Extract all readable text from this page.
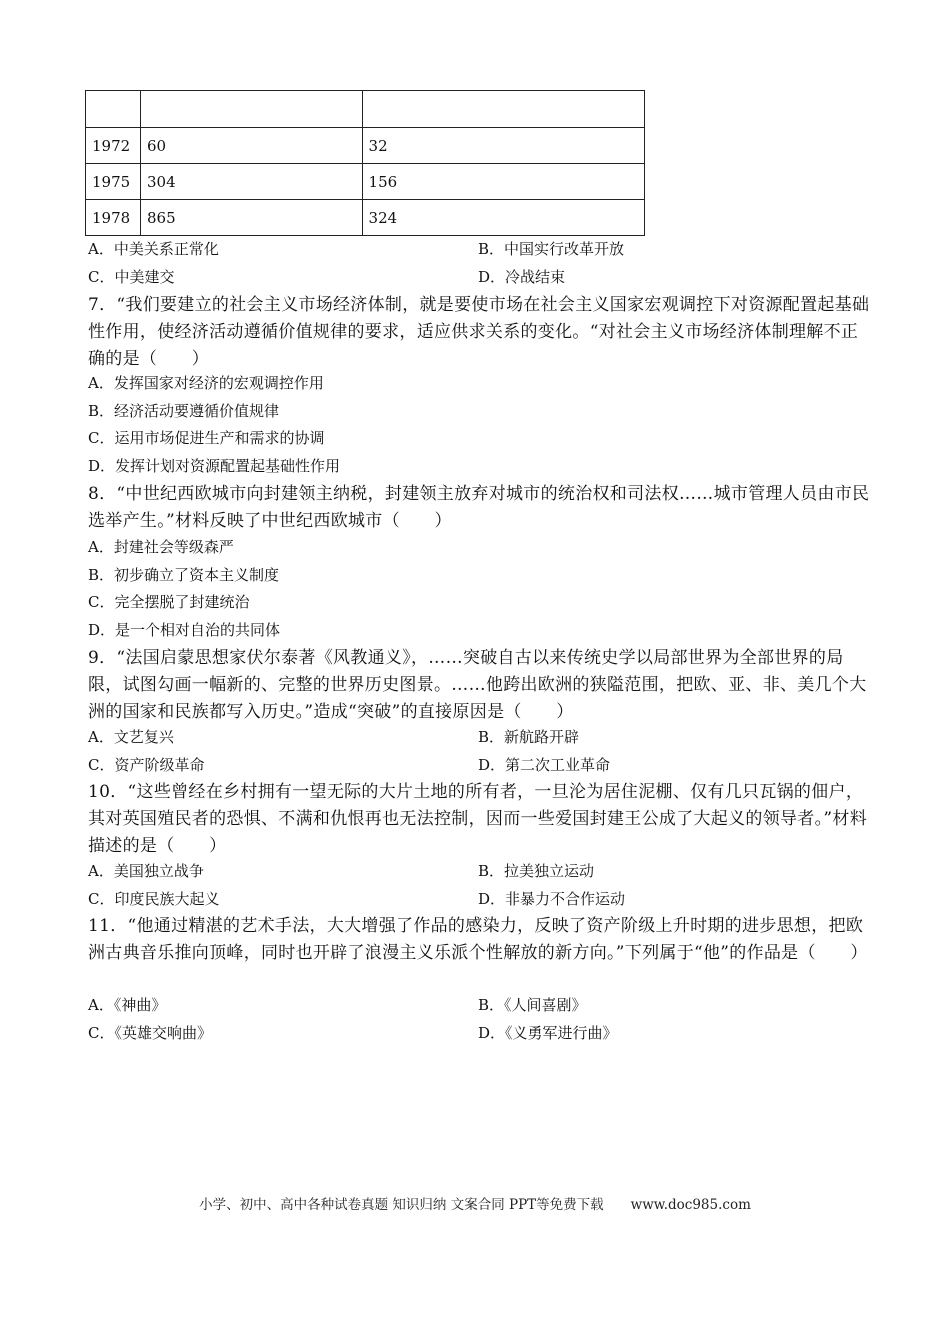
1972	60	32
1975	304	156
1978	865	324
A．中美关系正常化	B．中国实行改革开放
C．中美建交	D．冷战结束
7．“我们要建立的社会主义市场经济体制，就是要使市场在社会主义国家宏观调控下对资源配置起基础性作用，使经济活动遵循价值规律的要求，适应供求关系的变化。“对社会主义市场经济体制理解不正确的是（　　）
A．发挥国家对经济的宏观调控作用
B．经济活动要遵循价值规律
C．运用市场促进生产和需求的协调
D．发挥计划对资源配置起基础性作用
8．“中世纪西欧城市向封建领主纳税，封建领主放弃对城市的统治权和司法权……城市管理人员由市民选举产生。”材料反映了中世纪西欧城市（　　）
A．封建社会等级森严
B．初步确立了资本主义制度
C．完全摆脱了封建统治
D．是一个相对自治的共同体
9．“法国启蒙思想家伏尔泰著《风教通义》，……突破自古以来传统史学以局部世界为全部世界的局限，试图勾画一幅新的、完整的世界历史图景。……他跨出欧洲的狭隘范围，把欧、亚、非、美几个大洲的国家和民族都写入历史。”造成“突破”的直接原因是（　　）
A．文艺复兴	B．新航路开辟
C．资产阶级革命	D．第二次工业革命
10．“这些曾经在乡村拥有一望无际的大片土地的所有者，一旦沦为居住泥棚、仅有几只瓦锅的佃户，其对英国殖民者的恐惧、不满和仇恨再也无法控制，因而一些爱国封建王公成了大起义的领导者。”材料描述的是（　　）
A．美国独立战争	B．拉美独立运动
C．印度民族大起义	D．非暴力不合作运动
11．“他通过精湛的艺术手法，大大增强了作品的感染力，反映了资产阶级上升时期的进步思想，把欧洲古典音乐推向顶峰，同时也开辟了浪漫主义乐派个性解放的新方向。”下列属于“他”的作品是（　　）
A．《神曲》	B．《人间喜剧》
C．《英雄交响曲》	D．《义勇军进行曲》
小学、初中、高中各种试卷真题 知识归纳 文案合同 PPT等免费下载　　www.doc985.com
